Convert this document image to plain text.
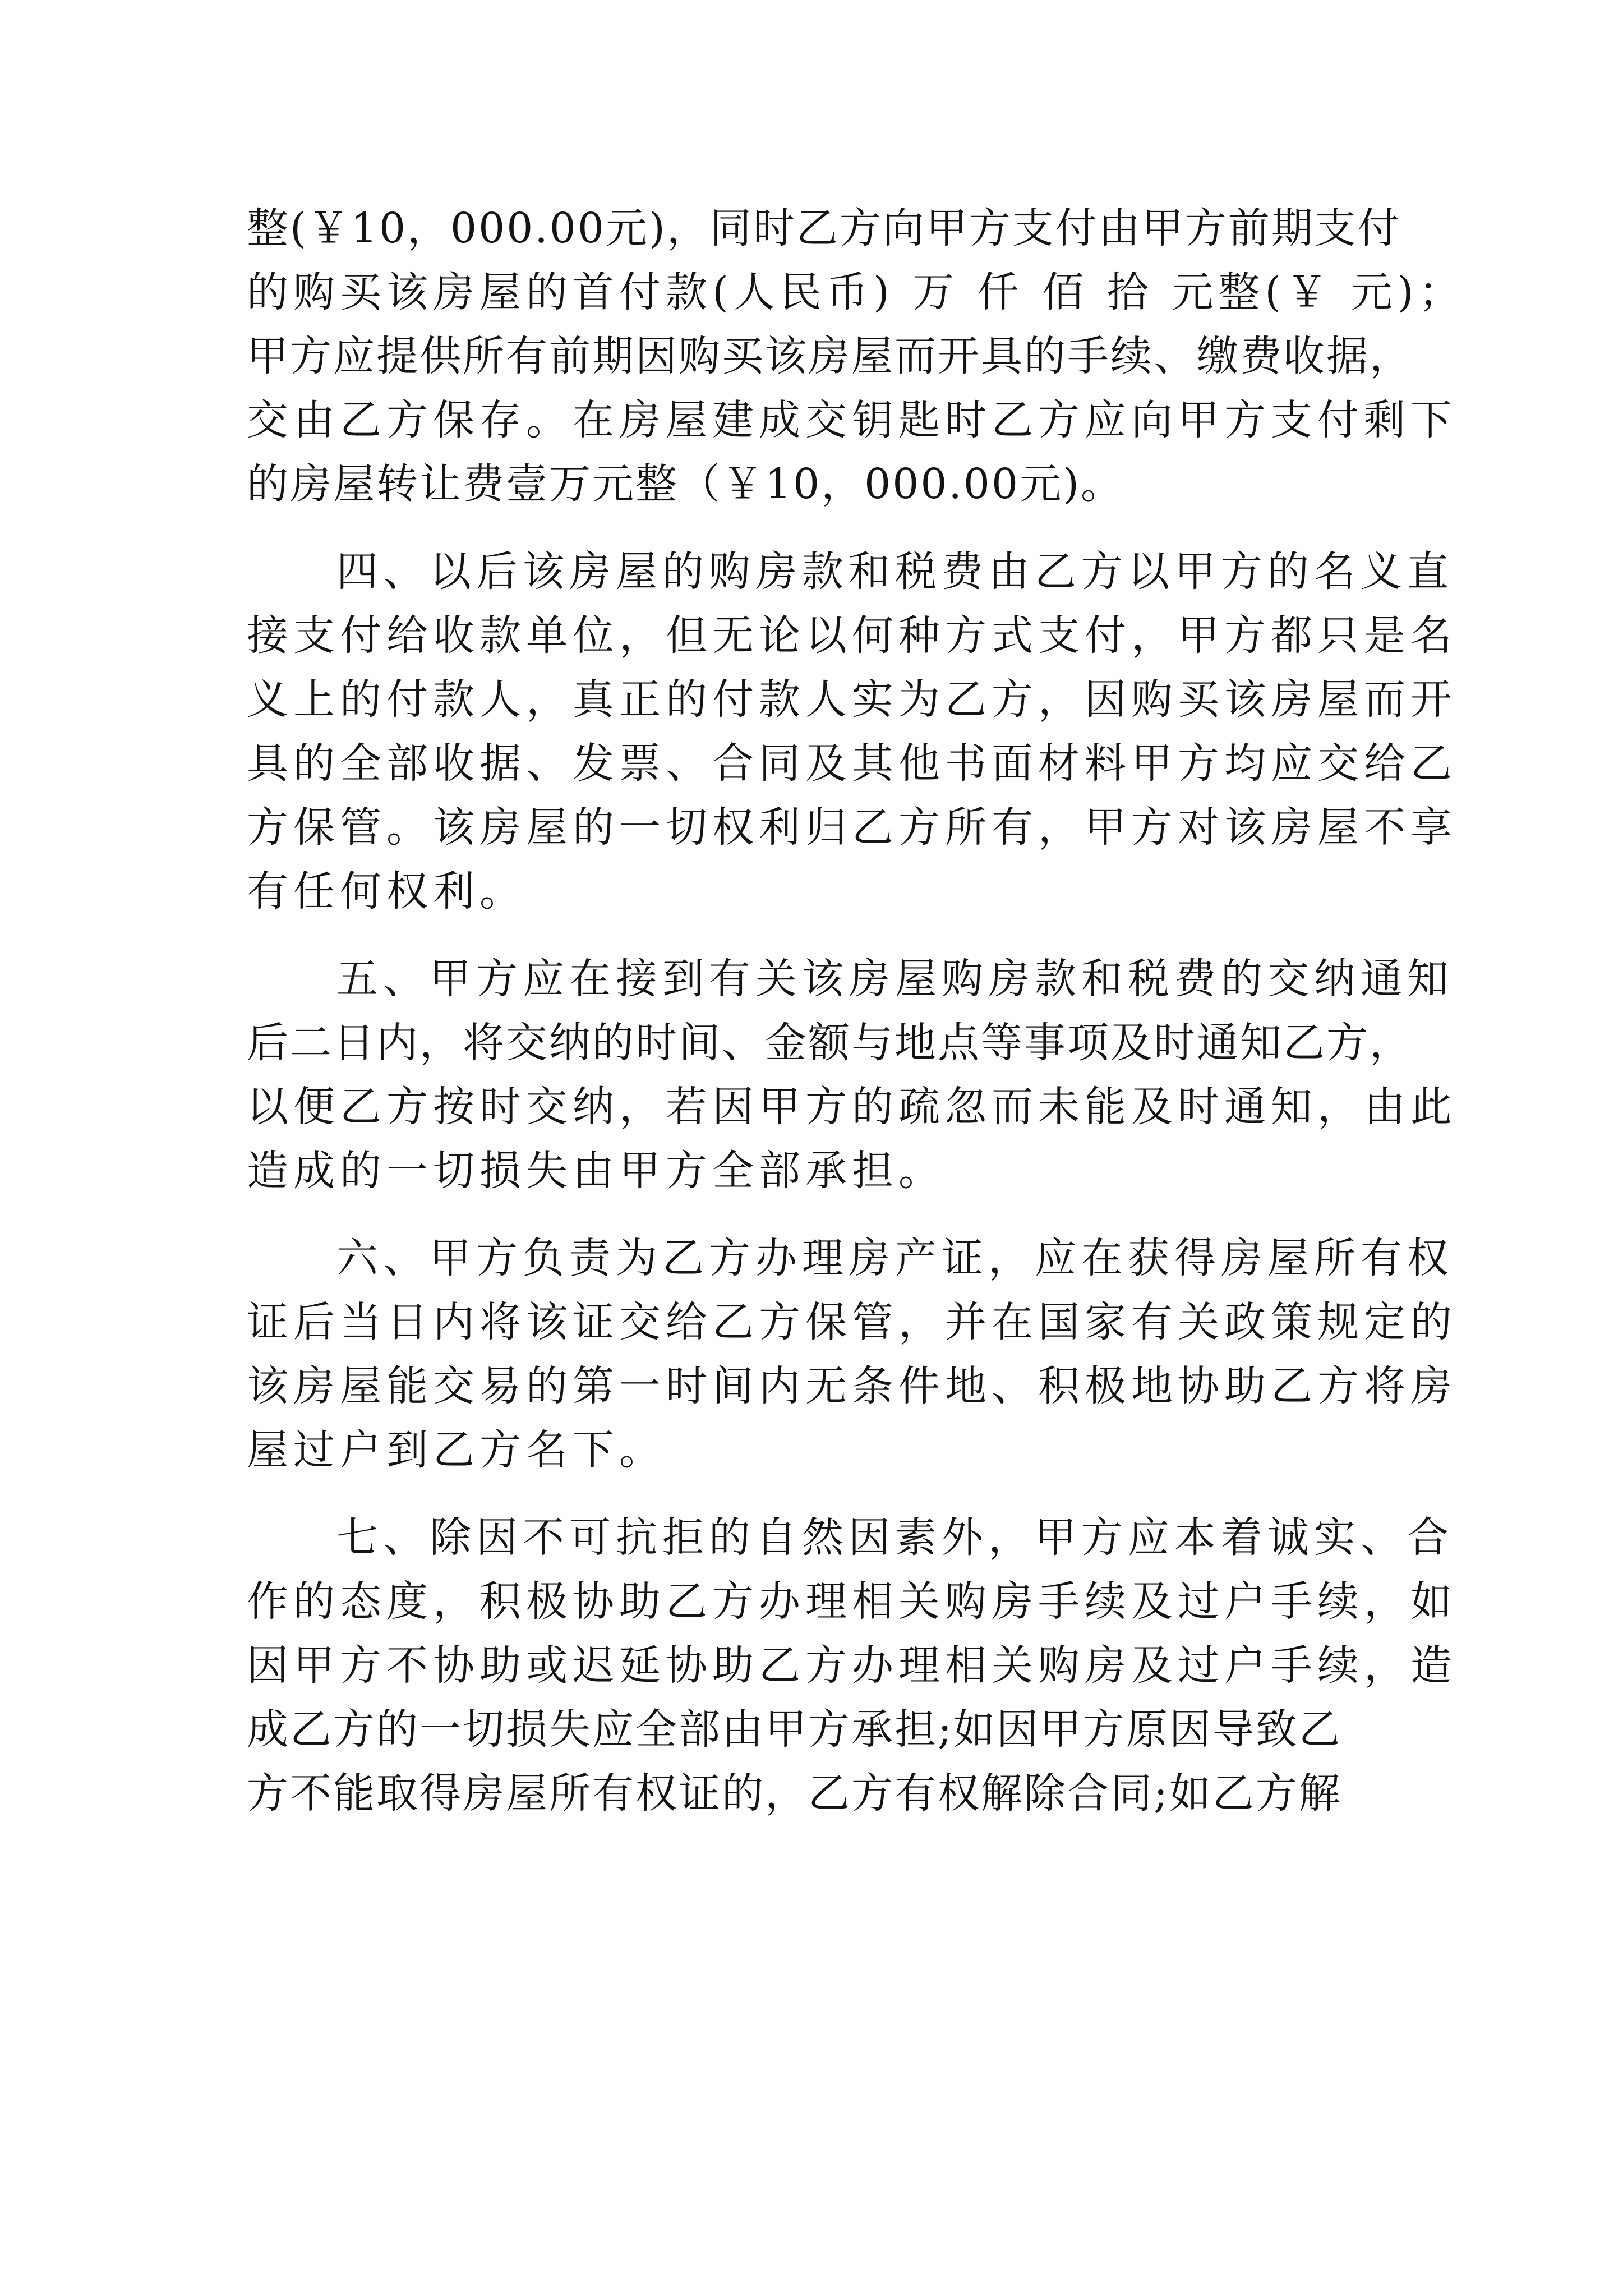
整(￥10，000.00元)，同时乙方向甲方支付由甲方前期支付
的购买该房屋的首付款(人民币) 万 仟 佰 拾 元整(￥ 元)；
甲方应提供所有前期因购买该房屋而开具的手续、缴费收据，
交由乙方保存。在房屋建成交钥匙时乙方应向甲方支付剩下
的房屋转让费壹万元整（￥10，000.00元)。
四、以后该房屋的购房款和税费由乙方以甲方的名义直
接支付给收款单位，但无论以何种方式支付，甲方都只是名
义上的付款人，真正的付款人实为乙方，因购买该房屋而开
具的全部收据、发票、合同及其他书面材料甲方均应交给乙
方保管。该房屋的一切权利归乙方所有，甲方对该房屋不享
有任何权利。
五、甲方应在接到有关该房屋购房款和税费的交纳通知
后二日内，将交纳的时间、金额与地点等事项及时通知乙方，
以便乙方按时交纳，若因甲方的疏忽而未能及时通知，由此
造成的一切损失由甲方全部承担。
六、甲方负责为乙方办理房产证，应在获得房屋所有权
证后当日内将该证交给乙方保管，并在国家有关政策规定的
该房屋能交易的第一时间内无条件地、积极地协助乙方将房
屋过户到乙方名下。
七、除因不可抗拒的自然因素外，甲方应本着诚实、合
作的态度，积极协助乙方办理相关购房手续及过户手续，如
因甲方不协助或迟延协助乙方办理相关购房及过户手续，造
成乙方的一切损失应全部由甲方承担;如因甲方原因导致乙
方不能取得房屋所有权证的，乙方有权解除合同;如乙方解
